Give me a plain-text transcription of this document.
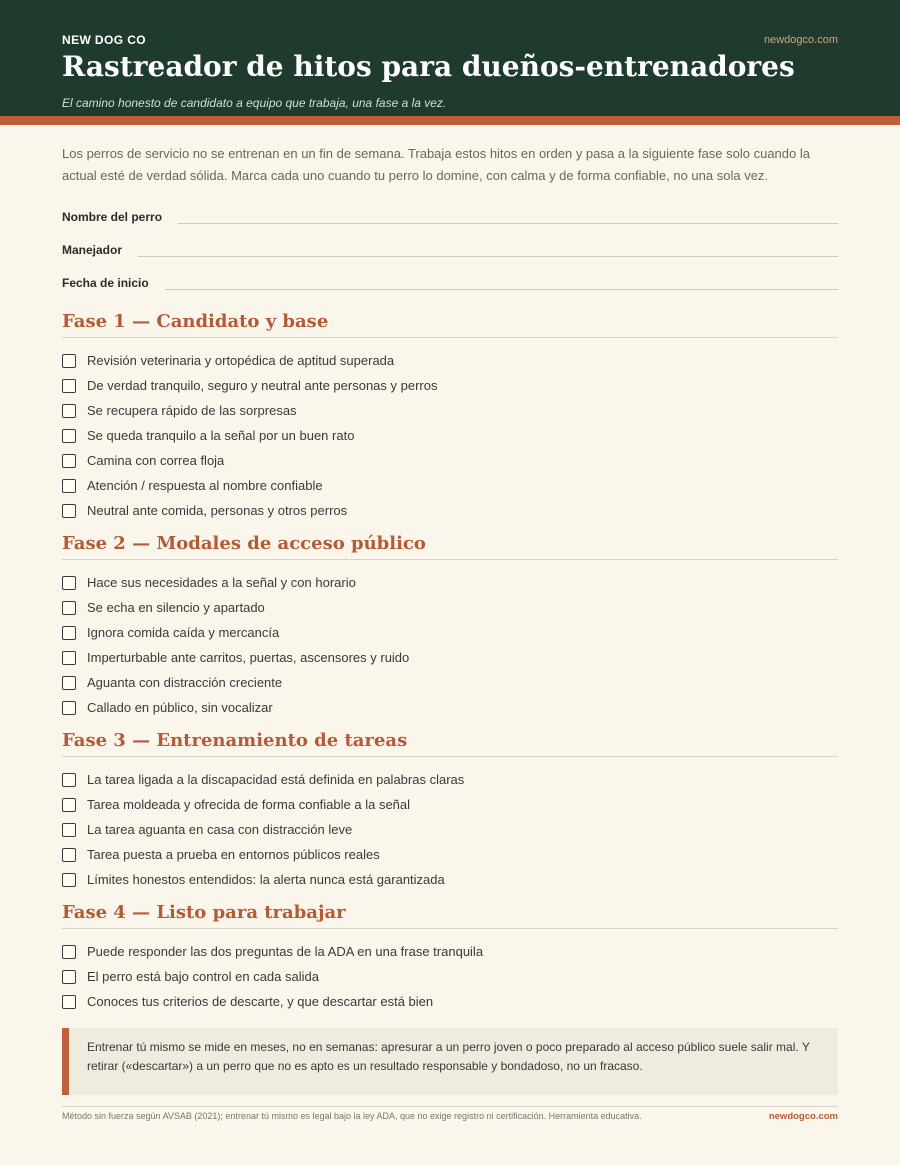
NEW DOG CO	newdogco.com
Rastreador de hitos para dueños-entrenadores
El camino honesto de candidato a equipo que trabaja, una fase a la vez.

Los perros de servicio no se entrenan en un fin de semana. Trabaja estos hitos en orden y pasa a la siguiente fase solo cuando la actual esté de verdad sólida. Marca cada uno cuando tu perro lo domine, con calma y de forma confiable, no una sola vez.

Nombre del perro
Manejador
Fecha de inicio
Fase 1 — Candidato y base
Revisión veterinaria y ortopédica de aptitud superada
De verdad tranquilo, seguro y neutral ante personas y perros
Se recupera rápido de las sorpresas
Se queda tranquilo a la señal por un buen rato
Camina con correa floja
Atención / respuesta al nombre confiable
Neutral ante comida, personas y otros perros
Fase 2 — Modales de acceso público
Hace sus necesidades a la señal y con horario
Se echa en silencio y apartado
Ignora comida caída y mercancía
Imperturbable ante carritos, puertas, ascensores y ruido
Aguanta con distracción creciente
Callado en público, sin vocalizar
Fase 3 — Entrenamiento de tareas
La tarea ligada a la discapacidad está definida en palabras claras
Tarea moldeada y ofrecida de forma confiable a la señal
La tarea aguanta en casa con distracción leve
Tarea puesta a prueba en entornos públicos reales
Límites honestos entendidos: la alerta nunca está garantizada
Fase 4 — Listo para trabajar
Puede responder las dos preguntas de la ADA en una frase tranquila
El perro está bajo control en cada salida
Conoces tus criterios de descarte, y que descartar está bien
Entrenar tú mismo se mide en meses, no en semanas: apresurar a un perro joven o poco preparado al acceso público suele salir mal. Y retirar («descartar») a un perro que no es apto es un resultado responsable y bondadoso, no un fracaso.
Método sin fuerza según AVSAB (2021); entrenar tú mismo es legal bajo la ley ADA, que no exige registro ni certificación. Herramienta educativa.	newdogco.com
